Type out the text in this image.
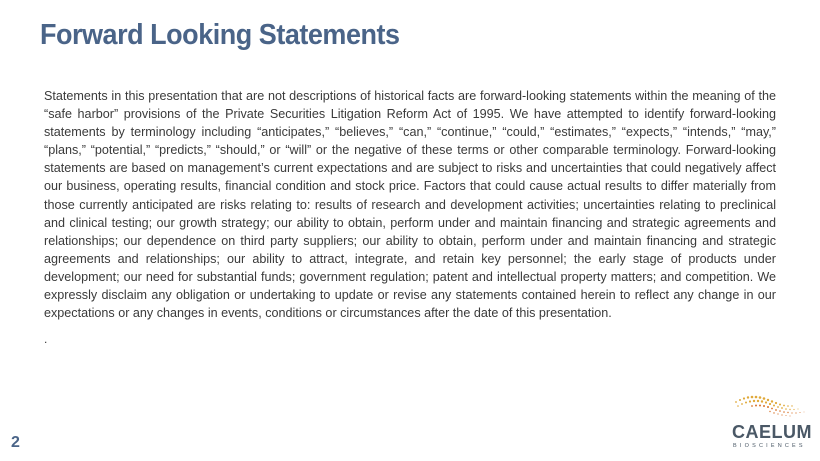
Forward Looking Statements

Statements in this presentation that are not descriptions of historical facts are forward-looking statements within the meaning of the “safe harbor” provisions of the Private Securities Litigation Reform Act of 1995. We have attempted to identify forward-looking statements by terminology including “anticipates,” “believes,” “can,” “continue,” “could,” “estimates,” “expects,” “intends,” “may,” “plans,” “potential,” “predicts,” “should,” or “will” or the negative of these terms or other comparable terminology. Forward-looking statements are based on management’s current expectations and are subject to risks and uncertainties that could negatively affect our business, operating results, financial condition and stock price. Factors that could cause actual results to differ materially from those currently anticipated are risks relating to: results of research and development activities; uncertainties relating to preclinical and clinical testing; our growth strategy; our ability to obtain, perform under and maintain financing and strategic agreements and relationships; our dependence on third party suppliers; our ability to obtain, perform under and maintain financing and strategic agreements and relationships; our ability to attract, integrate, and retain key personnel; the early stage of products under development; our need for substantial funds; government regulation; patent and intellectual property matters; and competition. We expressly disclaim any obligation or undertaking to update or revise any statements contained herein to reflect any change in our expectations or any changes in events, conditions or circumstances after the date of this presentation.

.
2
CAELUM
BIOSCIENCES
